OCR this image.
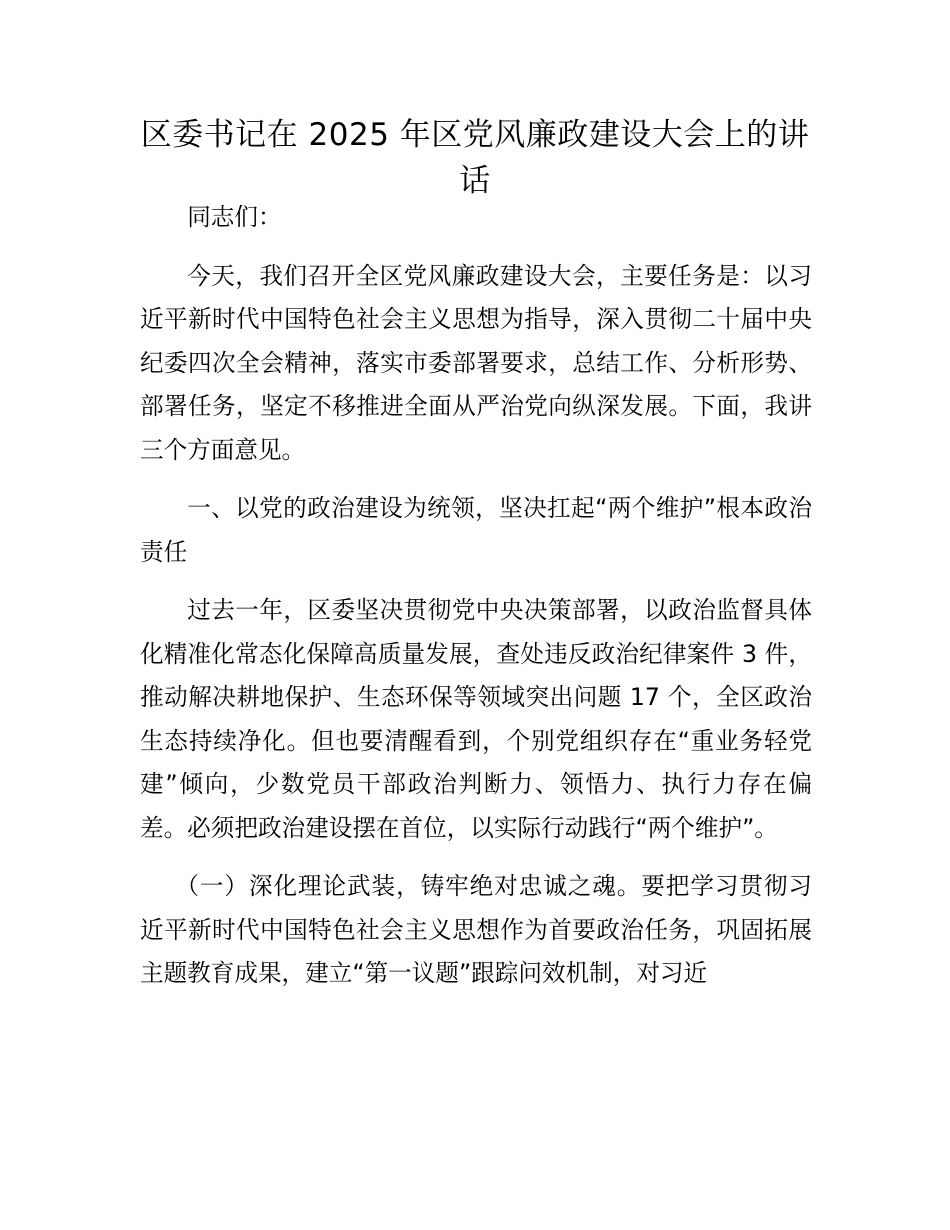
区委书记在 2025 年区党风廉政建设大会上的讲话

同志们：

今天，我们召开全区党风廉政建设大会，主要任务是：以习近平新时代中国特色社会主义思想为指导，深入贯彻二十届中央纪委四次全会精神，落实市委部署要求，总结工作、分析形势、部署任务，坚定不移推进全面从严治党向纵深发展。下面，我讲三个方面意见。

一、以党的政治建设为统领，坚决扛起“两个维护”根本政治责任

过去一年，区委坚决贯彻党中央决策部署，以政治监督具体化精准化常态化保障高质量发展，查处违反政治纪律案件 3 件，推动解决耕地保护、生态环保等领域突出问题 17 个，全区政治生态持续净化。但也要清醒看到，个别党组织存在“重业务轻党建”倾向，少数党员干部政治判断力、领悟力、执行力存在偏差。必须把政治建设摆在首位，以实际行动践行“两个维护”。

（一）深化理论武装，铸牢绝对忠诚之魂。要把学习贯彻习近平新时代中国特色社会主义思想作为首要政治任务，巩固拓展主题教育成果，建立“第一议题”跟踪问效机制，对习近
